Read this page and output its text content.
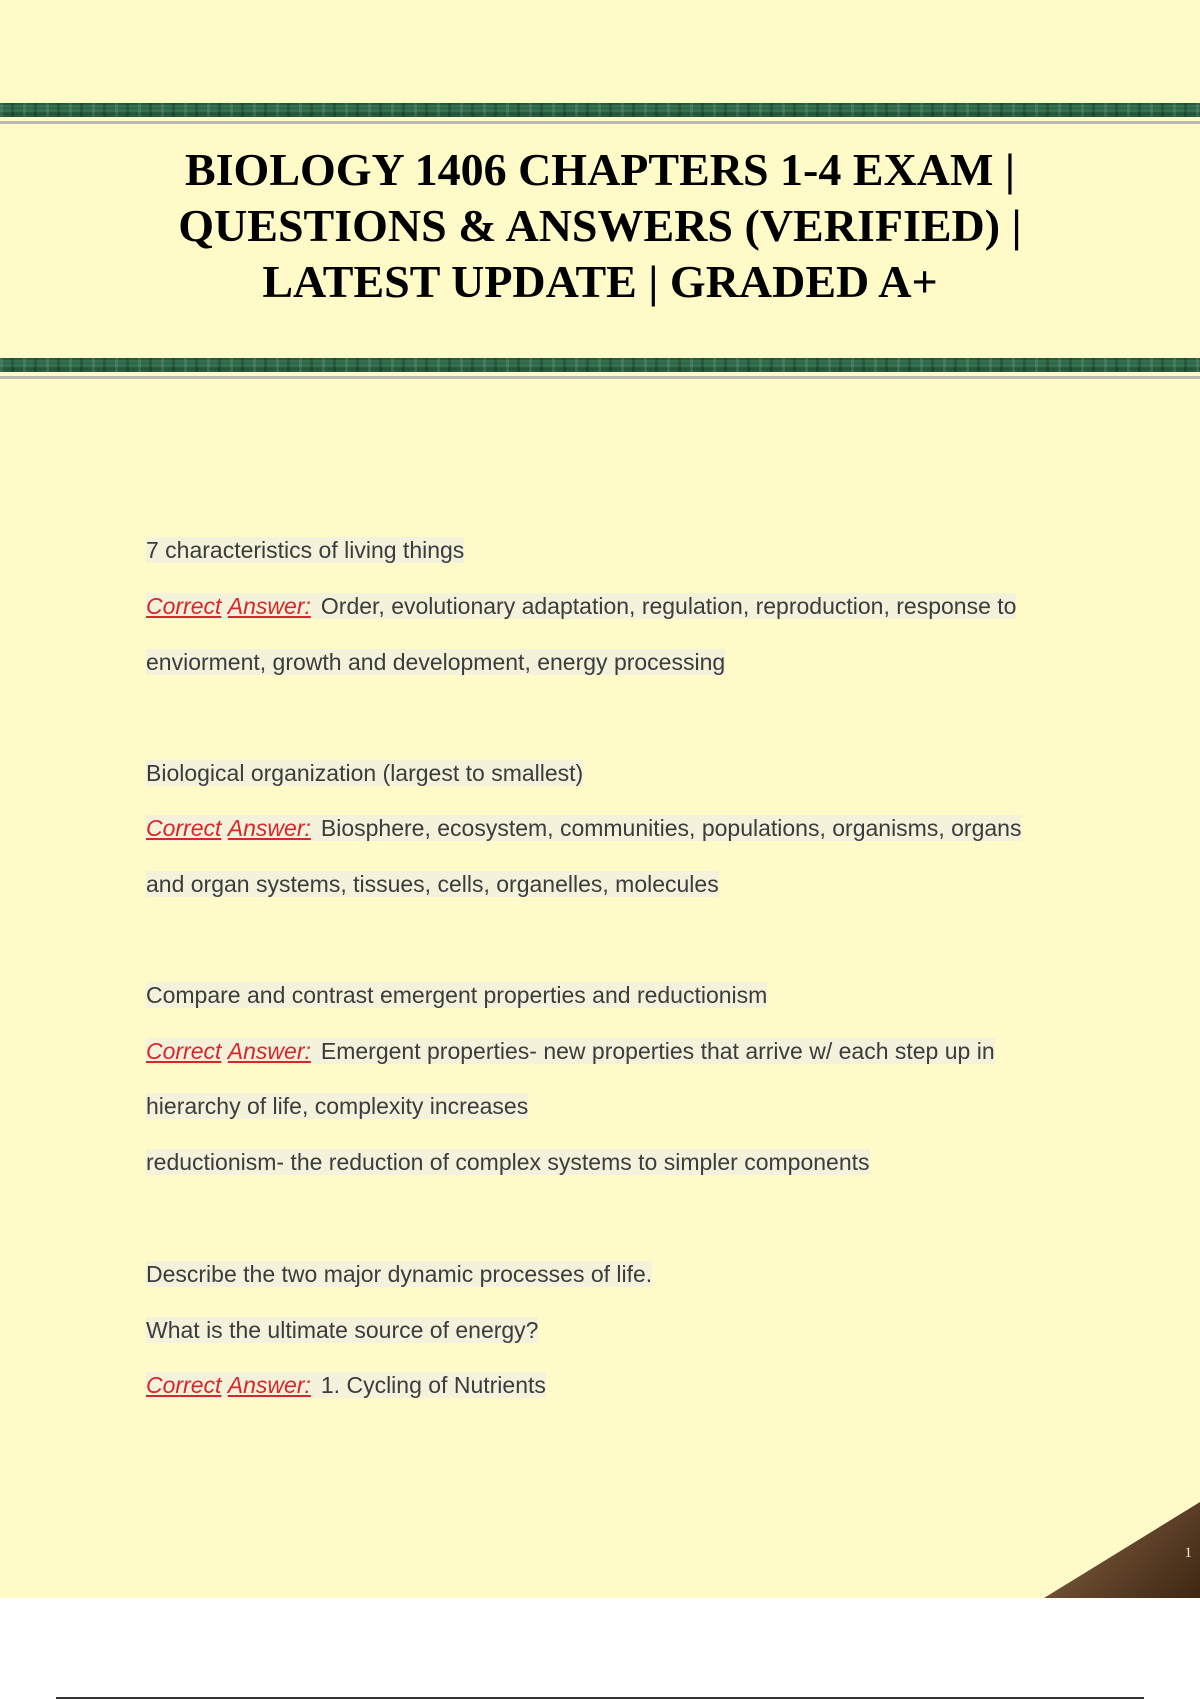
BIOLOGY 1406 CHAPTERS 1-4 EXAM | QUESTIONS & ANSWERS (VERIFIED) | LATEST UPDATE | GRADED A+
7 characteristics of living things
Correct Answer: Order, evolutionary adaptation, regulation, reproduction, response to
enviorment, growth and development, energy processing
Biological organization (largest to smallest)
Correct Answer: Biosphere, ecosystem, communities, populations, organisms, organs
and organ systems, tissues, cells, organelles, molecules
Compare and contrast emergent properties and reductionism
Correct Answer: Emergent properties- new properties that arrive w/ each step up in
hierarchy of life, complexity increases
reductionism- the reduction of complex systems to simpler components
Describe the two major dynamic processes of life.
What is the ultimate source of energy?
Correct Answer: 1. Cycling of Nutrients
1
